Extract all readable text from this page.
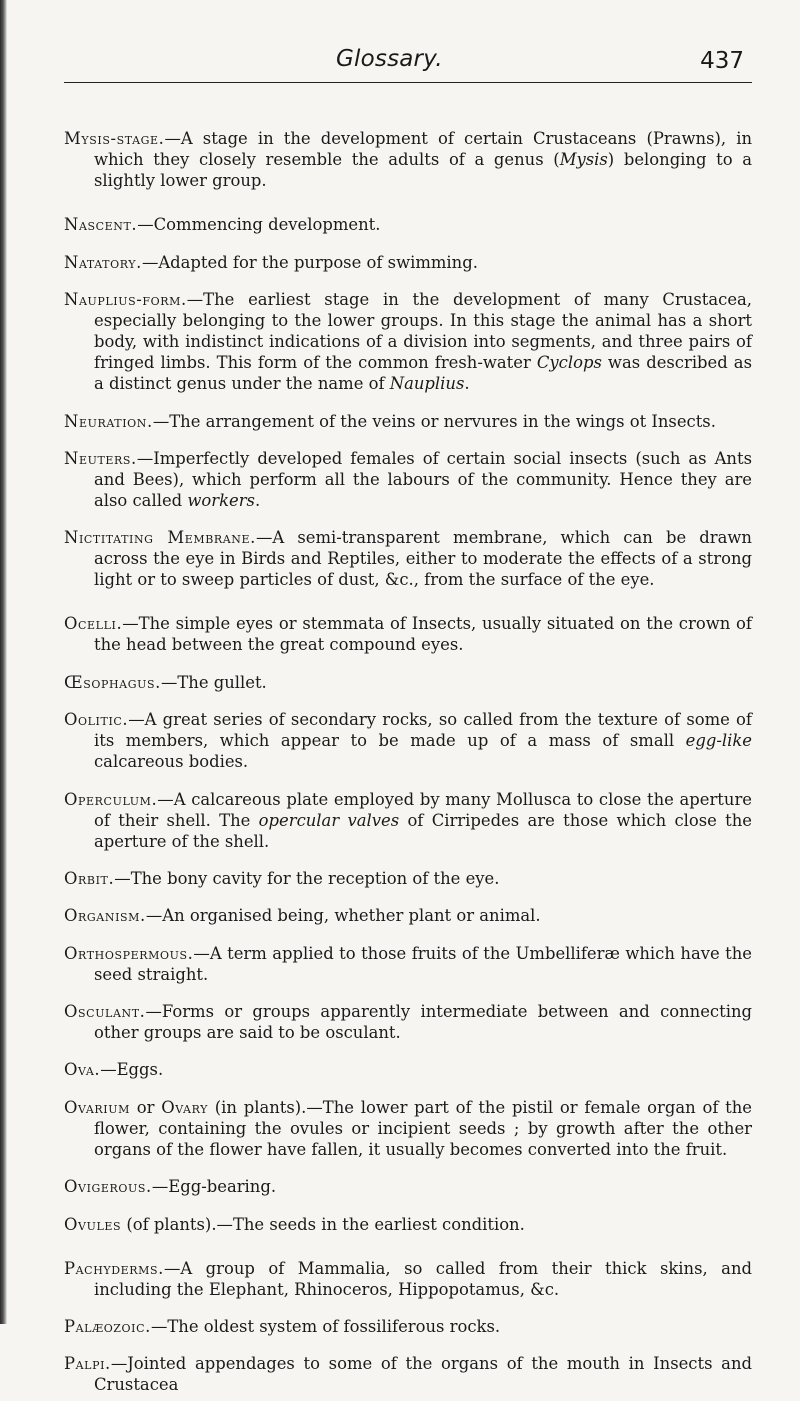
Glossary.	437

Mysis-stage.—A stage in the development of certain Crustaceans (Prawns), in which they closely resemble the adults of a genus (Mysis) belonging to a slightly lower group.

Nascent.—Commencing development.

Natatory.—Adapted for the purpose of swimming.

Nauplius-form.—The earliest stage in the development of many Crustacea, especially belonging to the lower groups. In this stage the animal has a short body, with indistinct indications of a division into segments, and three pairs of fringed limbs. This form of the common fresh-water Cyclops was described as a distinct genus under the name of Nauplius.

Neuration.—The arrangement of the veins or nervures in the wings ot Insects.

Neuters.—Imperfectly developed females of certain social insects (such as Ants and Bees), which perform all the labours of the community. Hence they are also called workers.

Nictitating Membrane.—A semi-transparent membrane, which can be drawn across the eye in Birds and Reptiles, either to moderate the effects of a strong light or to sweep particles of dust, &c., from the surface of the eye.

Ocelli.—The simple eyes or stemmata of Insects, usually situated on the crown of the head between the great compound eyes.

Œsophagus.—The gullet.

Oolitic.—A great series of secondary rocks, so called from the texture of some of its members, which appear to be made up of a mass of small egg-like calcareous bodies.

Operculum.—A calcareous plate employed by many Mollusca to close the aperture of their shell. The opercular valves of Cirripedes are those which close the aperture of the shell.

Orbit.—The bony cavity for the reception of the eye.

Organism.—An organised being, whether plant or animal.

Orthospermous.—A term applied to those fruits of the Umbelliferæ which have the seed straight.

Osculant.—Forms or groups apparently intermediate between and connecting other groups are said to be osculant.

Ova.—Eggs.

Ovarium or Ovary (in plants).—The lower part of the pistil or female organ of the flower, containing the ovules or incipient seeds ; by growth after the other organs of the flower have fallen, it usually becomes converted into the fruit.

Ovigerous.—Egg-bearing.

Ovules (of plants).—The seeds in the earliest condition.

Pachyderms.—A group of Mammalia, so called from their thick skins, and including the Elephant, Rhinoceros, Hippopotamus, &c.

Palæozoic.—The oldest system of fossiliferous rocks.

Palpi.—Jointed appendages to some of the organs of the mouth in Insects and Crustacea
